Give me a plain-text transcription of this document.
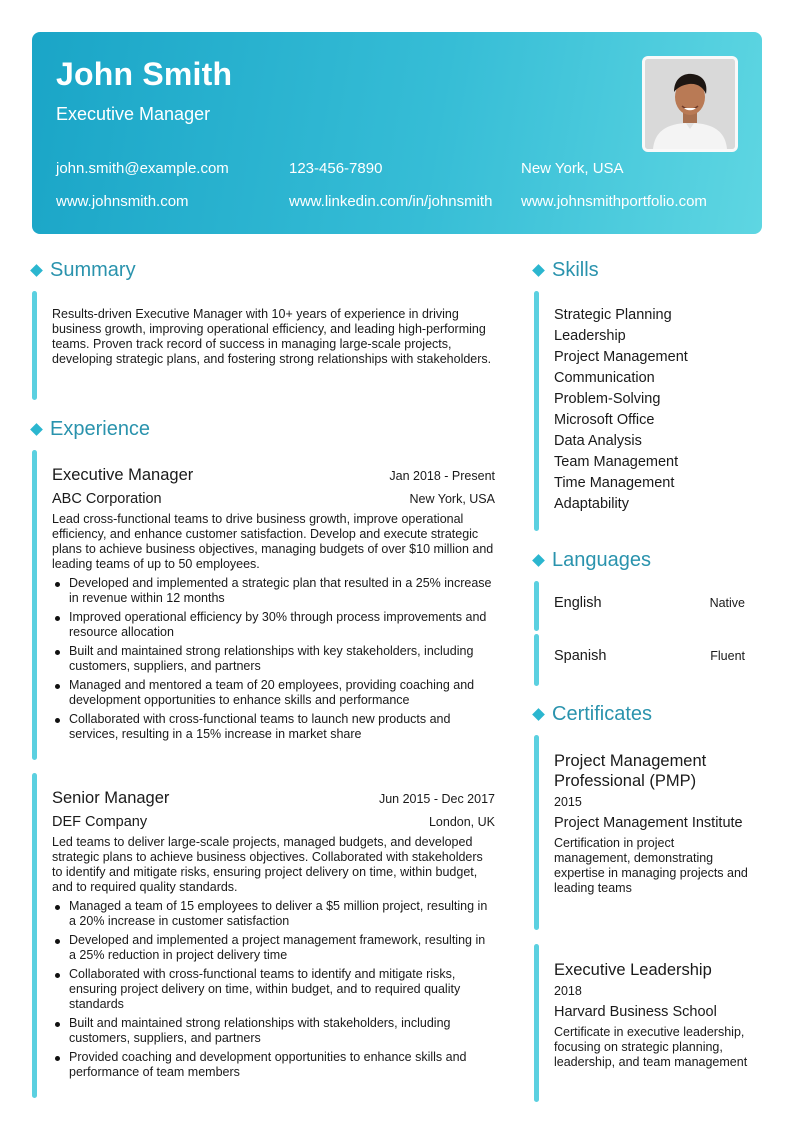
John Smith
Executive Manager
john.smith@example.com	123-456-7890	New York, USA
www.johnsmith.com	www.linkedin.com/in/johnsmith www.johnsmithportfolio.com
Summary
Results-driven Executive Manager with 10+ years of experience in driving business growth, improving operational efficiency, and leading high-performing teams. Proven track record of success in managing large-scale projects, developing strategic plans, and fostering strong relationships with stakeholders.
Experience
Executive Manager	Jan 2018 - Present
ABC Corporation	New York, USA
Lead cross-functional teams to drive business growth, improve operational efficiency, and enhance customer satisfaction. Develop and execute strategic plans to achieve business objectives, managing budgets of over $10 million and leading teams of up to 50 employees.
Developed and implemented a strategic plan that resulted in a 25% increase in revenue within 12 months
Improved operational efficiency by 30% through process improvements and resource allocation
Built and maintained strong relationships with key stakeholders, including customers, suppliers, and partners
Managed and mentored a team of 20 employees, providing coaching and development opportunities to enhance skills and performance
Collaborated with cross-functional teams to launch new products and services, resulting in a 15% increase in market share
Senior Manager	Jun 2015 - Dec 2017
DEF Company	London, UK
Led teams to deliver large-scale projects, managed budgets, and developed strategic plans to achieve business objectives. Collaborated with stakeholders to identify and mitigate risks, ensuring project delivery on time, within budget, and to required quality standards.
Managed a team of 15 employees to deliver a $5 million project, resulting in a 20% increase in customer satisfaction
Developed and implemented a project management framework, resulting in a 25% reduction in project delivery time
Collaborated with cross-functional teams to identify and mitigate risks, ensuring project delivery on time, within budget, and to required quality standards
Built and maintained strong relationships with stakeholders, including customers, suppliers, and partners
Provided coaching and development opportunities to enhance skills and performance of team members
Skills
Strategic Planning
Leadership
Project Management
Communication
Problem-Solving
Microsoft Office
Data Analysis
Team Management
Time Management
Adaptability
Languages
English	Native
Spanish	Fluent
Certificates
Project Management Professional (PMP)
2015
Project Management Institute
Certification in project management, demonstrating expertise in managing projects and leading teams
Executive Leadership
2018
Harvard Business School
Certificate in executive leadership, focusing on strategic planning, leadership, and team management
